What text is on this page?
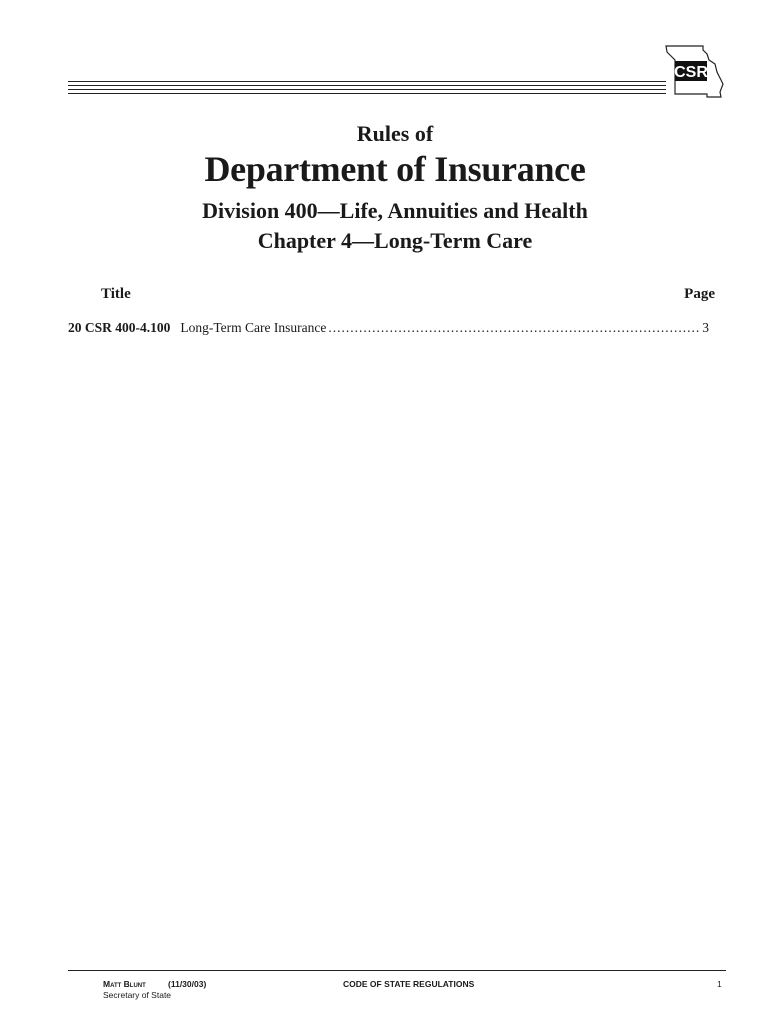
CSR
Rules of
Department of Insurance
Division 400—Life, Annuities and Health
Chapter 4—Long-Term Care
Title	Page
20 CSR 400-4.100 Long-Term Care Insurance
.....	3
Matt Blunt	(11/30/03)
Secretary of State
CODE OF STATE REGULATIONS	1
